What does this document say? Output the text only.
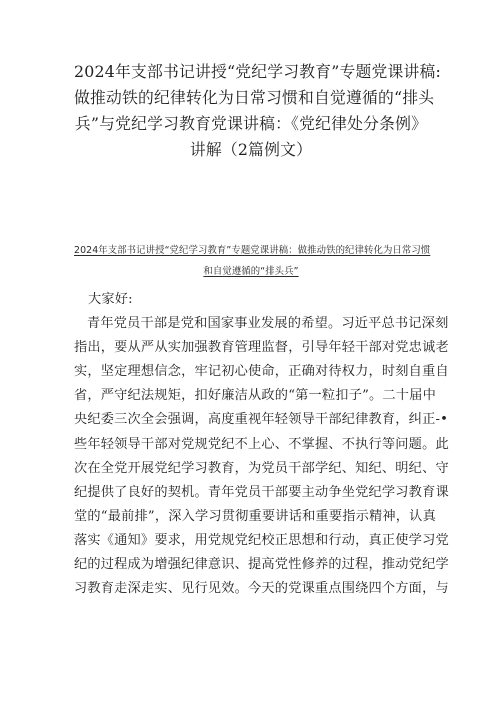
2024年支部书记讲授“党纪学习教育”专题党课讲稿:
做推动铁的纪律转化为日常习惯和自觉遵循的“排头
兵”与党纪学习教育党课讲稿：《党纪律处分条例》
讲解（2篇例文）
2024年支部书记讲授“党纪学习教育”专题党课讲稿：做推动铁的纪律转化为日常习惯
和自觉遵循的“排头兵”
大家好:
青年党员干部是党和国家事业发展的希望。习近平总书记深刻
指出，要从严从实加强教育管理监督，引导年轻干部对党忠诚老
实，坚定理想信念，牢记初心使命，正确对待权力，时刻自重自
省，严守纪法规矩，扣好廉洁从政的“第一粒扣子”。二十届中
央纪委三次全会强调，高度重视年轻领导干部纪律教育，纠正-•
些年轻领导干部对党规党纪不上心、不掌握、不执行等问题。此
次在全党开展党纪学习教育，为党员干部学纪、知纪、明纪、守
纪提供了良好的契机。青年党员干部要主动争坐党纪学习教育课
堂的“最前排”，深入学习贯彻重要讲话和重要指示精神，认真
落实《通知》要求，用党规党纪校正思想和行动，真正使学习党
纪的过程成为增强纪律意识、提高党性修养的过程，推动党纪学
习教育走深走实、见行见效。今天的党课重点围绕四个方面，与
